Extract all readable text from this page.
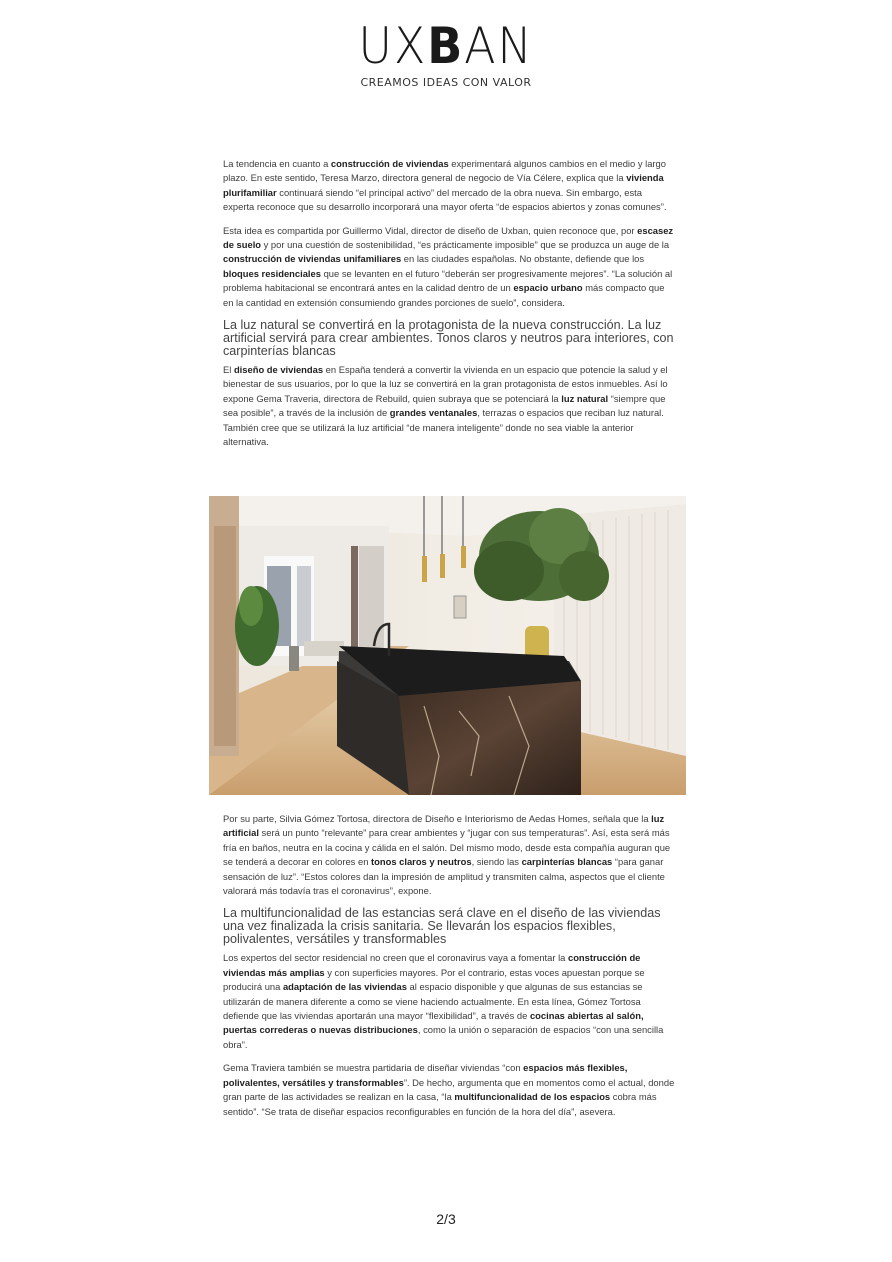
UXBAN
CREAMOS IDEAS CON VALOR

La tendencia en cuanto a construcción de viviendas experimentará algunos cambios en el medio y largo plazo. En este sentido, Teresa Marzo, directora general de negocio de Vía Célere, explica que la vivienda plurifamiliar continuará siendo “el principal activo” del mercado de la obra nueva. Sin embargo, esta experta reconoce que su desarrollo incorporará una mayor oferta “de espacios abiertos y zonas comunes”.

Esta idea es compartida por Guillermo Vidal, director de diseño de Uxban, quien reconoce que, por escasez de suelo y por una cuestión de sostenibilidad, “es prácticamente imposible” que se produzca un auge de la construcción de viviendas unifamiliares en las ciudades españolas. No obstante, defiende que los bloques residenciales que se levanten en el futuro “deberán ser progresivamente mejores”. “La solución al problema habitacional se encontrará antes en la calidad dentro de un espacio urbano más compacto que en la cantidad en extensión consumiendo grandes porciones de suelo”, considera.

La luz natural se convertirá en la protagonista de la nueva construcción. La luz artificial servirá para crear ambientes. Tonos claros y neutros para interiores, con carpinterías blancas

El diseño de viviendas en España tenderá a convertir la vivienda en un espacio que potencie la salud y el bienestar de sus usuarios, por lo que la luz se convertirá en la gran protagonista de estos inmuebles. Así lo expone Gema Traveria, directora de Rebuild, quien subraya que se potenciará la luz natural “siempre que sea posible”, a través de la inclusión de grandes ventanales, terrazas o espacios que reciban luz natural. También cree que se utilizará la luz artificial “de manera inteligente” donde no sea viable la anterior alternativa.

Por su parte, Silvia Gómez Tortosa, directora de Diseño e Interiorismo de Aedas Homes, señala que la luz artificial será un punto “relevante” para crear ambientes y “jugar con sus temperaturas”. Así, esta será más fría en baños, neutra en la cocina y cálida en el salón. Del mismo modo, desde esta compañía auguran que se tenderá a decorar en colores en tonos claros y neutros, siendo las carpinterías blancas “para ganar sensación de luz”. “Estos colores dan la impresión de amplitud y transmiten calma, aspectos que el cliente valorará más todavía tras el coronavirus”, expone.

La multifuncionalidad de las estancias será clave en el diseño de las viviendas una vez finalizada la crisis sanitaria. Se llevarán los espacios flexibles, polivalentes, versátiles y transformables

Los expertos del sector residencial no creen que el coronavirus vaya a fomentar la construcción de viviendas más amplias y con superficies mayores. Por el contrario, estas voces apuestan porque se producirá una adaptación de las viviendas al espacio disponible y que algunas de sus estancias se utilizarán de manera diferente a como se viene haciendo actualmente. En esta línea, Gómez Tortosa defiende que las viviendas aportarán una mayor “flexibilidad”, a través de cocinas abiertas al salón, puertas correderas o nuevas distribuciones, como la unión o separación de espacios “con una sencilla obra”.

Gema Traviera también se muestra partidaria de diseñar viviendas “con espacios más flexibles, polivalentes, versátiles y transformables”. De hecho, argumenta que en momentos como el actual, donde gran parte de las actividades se realizan en la casa, “la multifuncionalidad de los espacios cobra más sentido”. “Se trata de diseñar espacios reconfigurables en función de la hora del día”, asevera.

2/3
